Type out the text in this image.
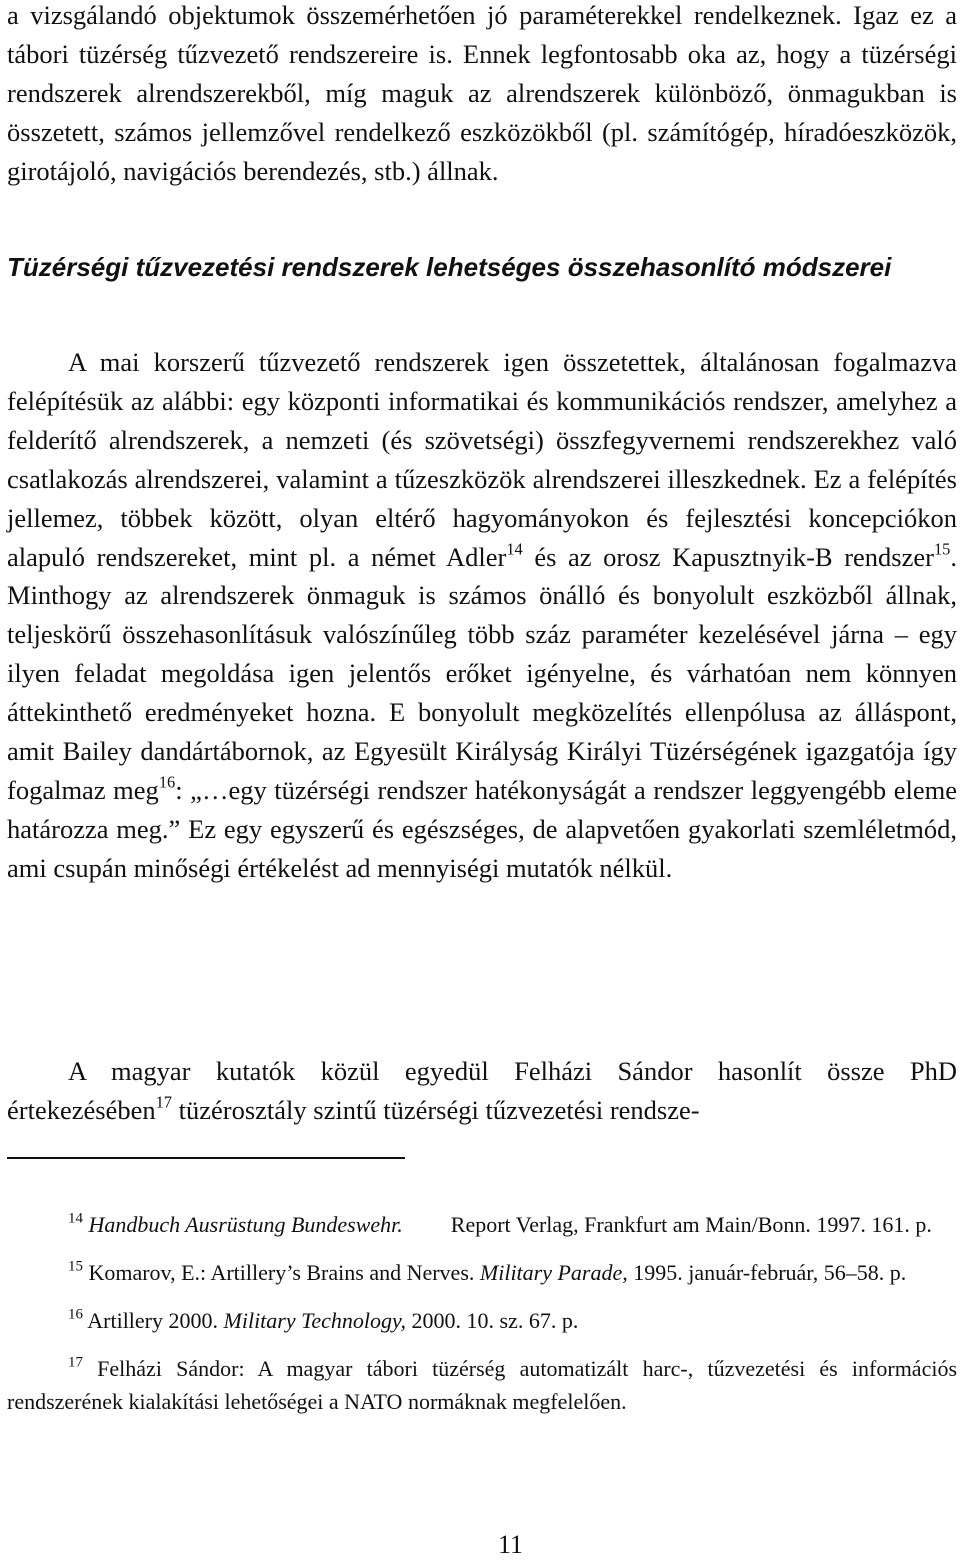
a vizsgálandó objektumok összemérhetően jó paraméterekkel rendelkeznek. Igaz ez a tábori tüzérség tűzvezető rendszereire is. Ennek legfontosabb oka az, hogy a tüzérségi rendszerek alrendszerekből, míg maguk az alrendszerek különböző, önmagukban is összetett, számos jellemzővel rendelkező eszközökből (pl. számítógép, híradóeszközök, girotájoló, navigációs berendezés, stb.) állnak.

Tüzérségi tűzvezetési rendszerek lehetséges összehasonlító módszerei

A mai korszerű tűzvezető rendszerek igen összetettek, általánosan fogalmazva felépítésük az alábbi: egy központi informatikai és kommunikációs rendszer, amelyhez a felderítő alrendszerek, a nemzeti (és szövetségi) összfegyvernemi rendszerekhez való csatlakozás alrendszerei, valamint a tűzeszközök alrendszerei illeszkednek. Ez a felépítés jellemez, többek között, olyan eltérő hagyományokon és fejlesztési koncepciókon alapuló rendszereket, mint pl. a német Adler$^{14}$ és az orosz Kapusztnyik-B rendszer$^{15}$. Minthogy az alrendszerek önmaguk is számos önálló és bonyolult eszközből állnak, teljeskörű összehasonlításuk valószínűleg több száz paraméter kezelésével járna – egy ilyen feladat megoldása igen jelentős erőket igényelne, és várhatóan nem könnyen áttekinthető eredményeket hozna. E bonyolult megközelítés ellenpólusa az álláspont, amit Bailey dandártábornok, az Egyesült Királyság Királyi Tüzérségének igazgatója így fogalmaz meg$^{16}$: „…egy tüzérségi rendszer hatékonyságát a rendszer leggyengébb eleme határozza meg.” Ez egy egyszerű és egészséges, de alapvetően gyakorlati szemléletmód, ami csupán minőségi értékelést ad mennyiségi mutatók nélkül.

A magyar kutatók közül egyedül Felházi Sándor hasonlít össze PhD értekezésében$^{17}$ tüzérosztály szintű tüzérségi tűzvezetési rendsze-

$^{14}$ Handbuch Ausrüstung Bundeswehr. Report Verlag, Frankfurt am Main/Bonn. 1997. 161. p.

$^{15}$ Komarov, E.: Artillery’s Brains and Nerves. Military Parade, 1995. január-február, 56–58. p.

$^{16}$ Artillery 2000. Military Technology, 2000. 10. sz. 67. p.

$^{17}$ Felházi Sándor: A magyar tábori tüzérség automatizált harc-, tűzvezetési és információs rendszerének kialakítási lehetőségei a NATO normáknak megfelelően.

11
